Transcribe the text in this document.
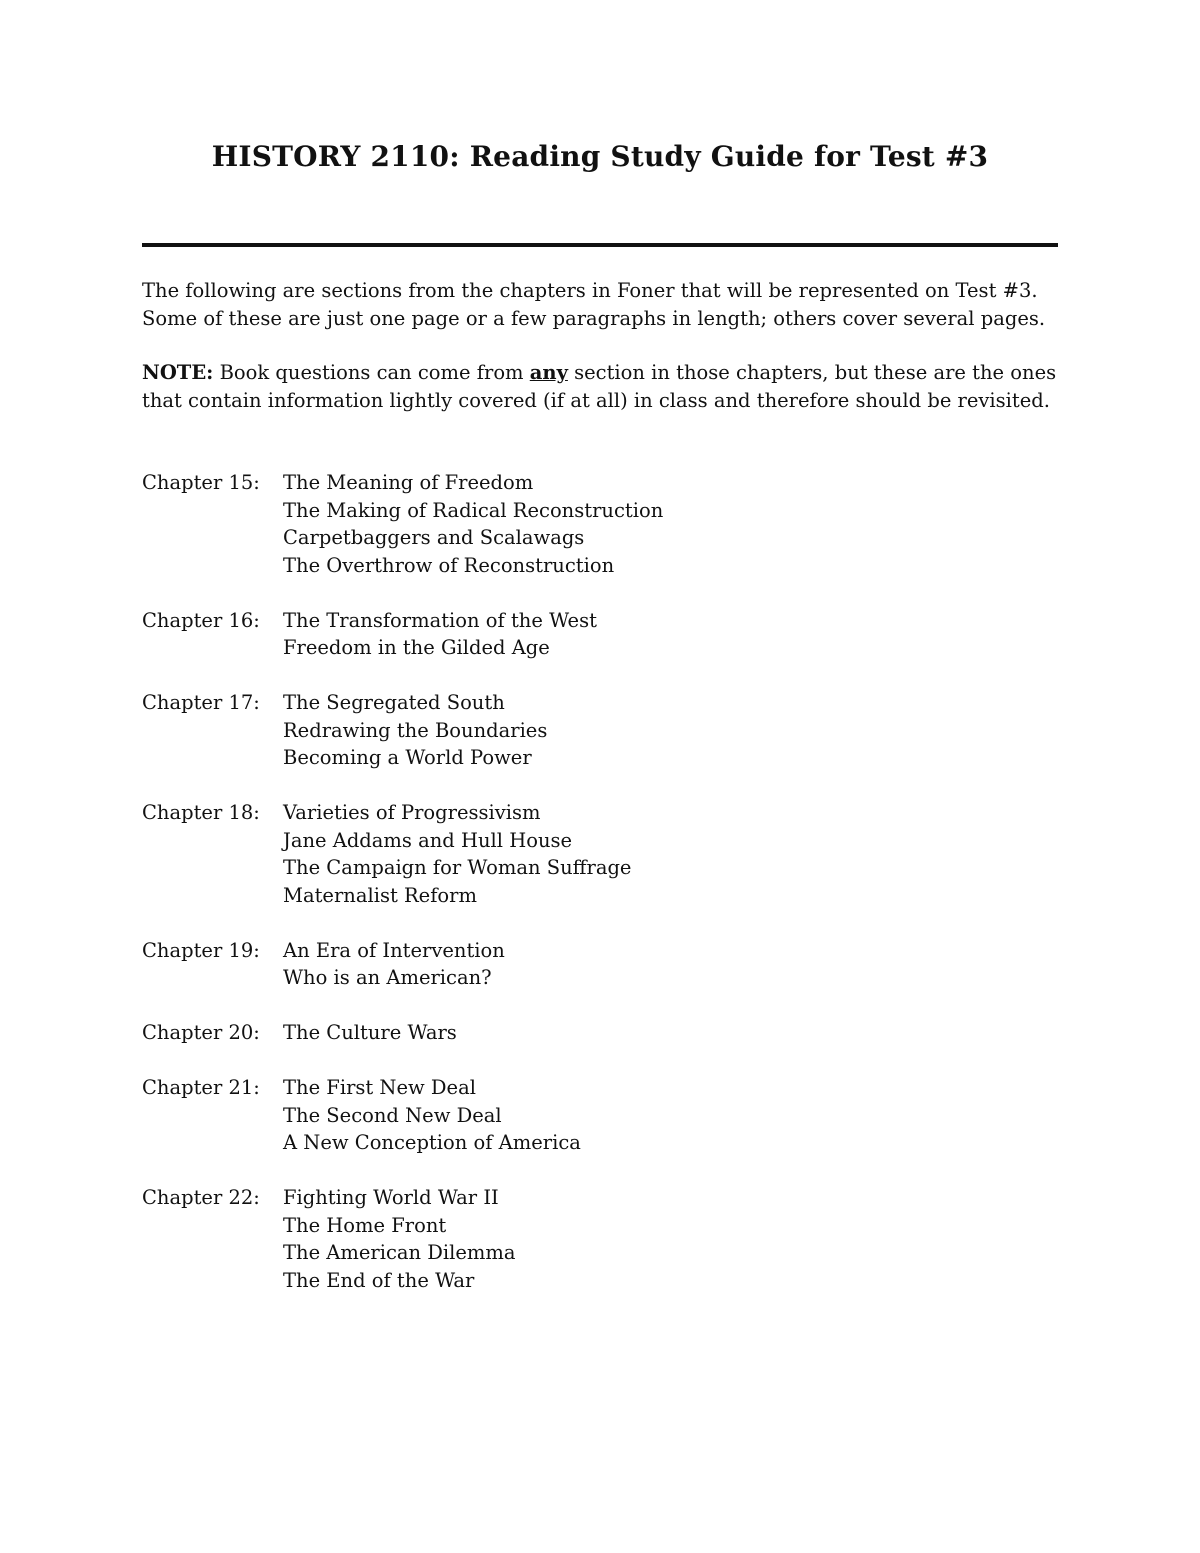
HISTORY 2110: Reading Study Guide for Test #3

The following are sections from the chapters in Foner that will be represented on Test #3.
Some of these are just one page or a few paragraphs in length; others cover several pages.

NOTE: Book questions can come from any section in those chapters, but these are the ones
that contain information lightly covered (if at all) in class and therefore should be revisited.

Chapter 15:	The Meaning of Freedom
The Making of Radical Reconstruction
Carpetbaggers and Scalawags
The Overthrow of Reconstruction
Chapter 16:	The Transformation of the West
Freedom in the Gilded Age
Chapter 17:	The Segregated South
Redrawing the Boundaries
Becoming a World Power
Chapter 18:	Varieties of Progressivism
Jane Addams and Hull House
The Campaign for Woman Suffrage
Maternalist Reform
Chapter 19:	An Era of Intervention
Who is an American?
Chapter 20:	The Culture Wars
Chapter 21:	The First New Deal
The Second New Deal
A New Conception of America
Chapter 22:	Fighting World War II
The Home Front
The American Dilemma
The End of the War
